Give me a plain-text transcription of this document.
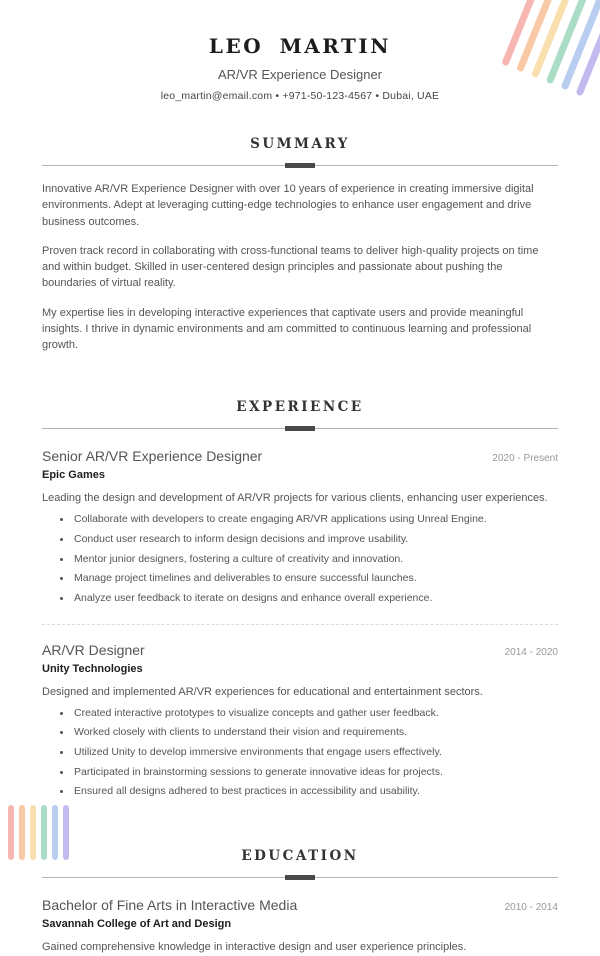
LEO MARTIN

AR/VR Experience Designer

leo_martin@email.com • +971-50-123-4567 • Dubai, UAE

SUMMARY

Innovative AR/VR Experience Designer with over 10 years of experience in creating immersive digital environments. Adept at leveraging cutting-edge technologies to enhance user engagement and drive business outcomes.

Proven track record in collaborating with cross-functional teams to deliver high-quality projects on time and within budget. Skilled in user-centered design principles and passionate about pushing the boundaries of virtual reality.

My expertise lies in developing interactive experiences that captivate users and provide meaningful insights. I thrive in dynamic environments and am committed to continuous learning and professional growth.

EXPERIENCE
Senior AR/VR Experience Designer	2020 - Present
Epic Games
Leading the design and development of AR/VR projects for various clients, enhancing user experiences.
• Collaborate with developers to create engaging AR/VR applications using Unreal Engine.
• Conduct user research to inform design decisions and improve usability.
• Mentor junior designers, fostering a culture of creativity and innovation.
• Manage project timelines and deliverables to ensure successful launches.
• Analyze user feedback to iterate on designs and enhance overall experience.
AR/VR Designer	2014 - 2020
Unity Technologies
Designed and implemented AR/VR experiences for educational and entertainment sectors.
• Created interactive prototypes to visualize concepts and gather user feedback.
• Worked closely with clients to understand their vision and requirements.
• Utilized Unity to develop immersive environments that engage users effectively.
• Participated in brainstorming sessions to generate innovative ideas for projects.
• Ensured all designs adhered to best practices in accessibility and usability.
EDUCATION
Bachelor of Fine Arts in Interactive Media	2010 - 2014
Savannah College of Art and Design
Gained comprehensive knowledge in interactive design and user experience principles.
